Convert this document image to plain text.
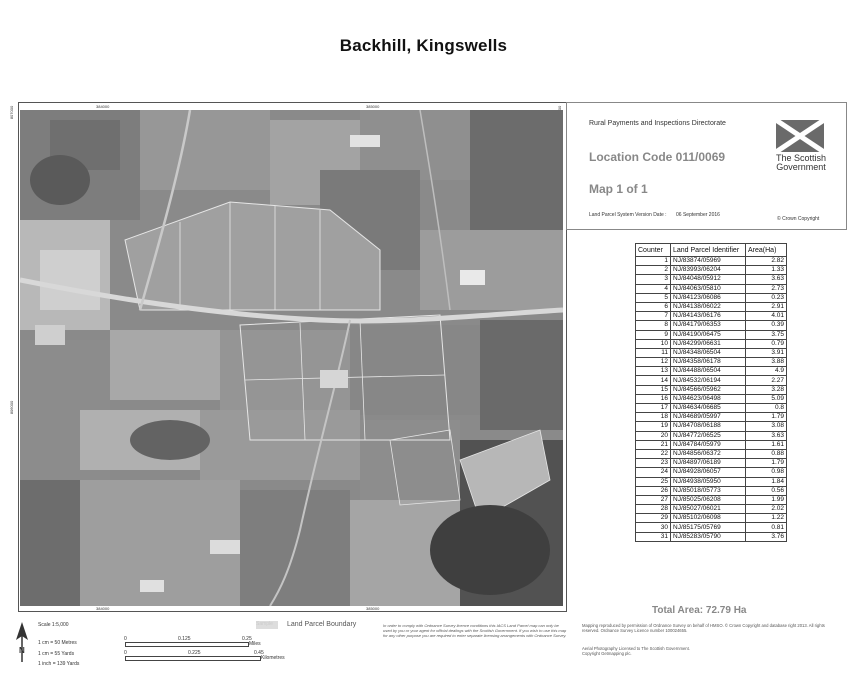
Backhill, Kingswells
384000	385000
384000	385000
807000
806000
Rural Payments and Inspections Directorate
Location Code 011/0069
Map 1 of 1
Land Parcel System Version Date : 06 September 2016
The Scottish
Government
© Crown Copyright
Counter	Land Parcel Identifier	Area(Ha)
1	NJ/83874/05969	2.82
2	NJ/83993/06204	1.33
3	NJ/84048/05912	3.63
4	NJ/84063/05810	2.73
5	NJ/84123/06086	0.23
6	NJ/84138/06022	2.91
7	NJ/84143/06176	4.01
8	NJ/84179/06353	0.39
9	NJ/84190/06475	3.75
10	NJ/84299/06631	0.79
11	NJ/84348/06504	3.91
12	NJ/84358/06178	3.88
13	NJ/84488/06504	4.9
14	NJ/84532/06194	2.27
15	NJ/84566/05962	3.28
16	NJ/84623/06498	5.09
17	NJ/84634/06685	0.8
18	NJ/84689/05997	1.79
19	NJ/84708/06188	3.08
20	NJ/84772/06525	3.63
21	NJ/84784/05979	1.61
22	NJ/84856/06372	0.88
23	NJ/84897/06189	1.79
24	NJ/84928/06057	0.98
25	NJ/84938/05950	1.84
26	NJ/85018/05773	0.56
27	NJ/85025/06208	1.99
28	NJ/85027/06021	2.02
29	NJ/85102/06098	1.22
30	NJ/85175/05769	0.81
31	NJ/85283/05790	3.76
Total Area: 72.79 Ha
N
Scale 1:5,000
1 cm = 50 Metres
1 cm = 55 Yards
1 inch = 139 Yards
0	0.125	0.25
Miles
0	0.225	0.45
Kilometres
Sample	Land Parcel Boundary	In order to comply with Ordnance Survey licence conditions this IACS Land Parcel map can only be used by you or your agent for official dealings with the Scottish Government. If you wish to use this map for any other purpose you are required to enter separate licensing arrangements with Ordnance Survey.
Mapping reproduced by permission of Ordnance Survey on behalf of HMSO. © Crown Copyright and database right 2013. All rights reserved. Ordnance Survey Licence number 100024655.
Aerial Photography Licensed to The Scottish Government.
Copyright Getmapping plc.
